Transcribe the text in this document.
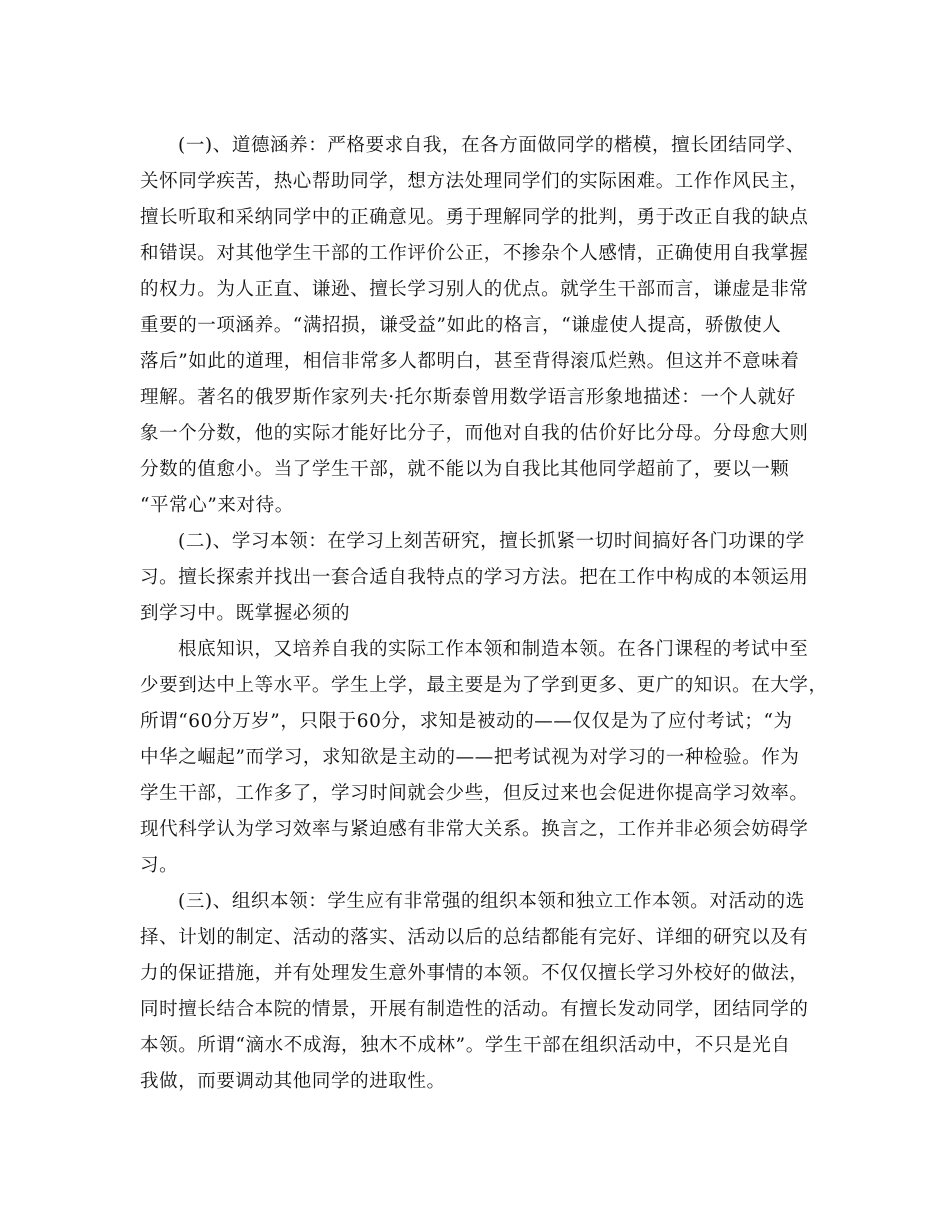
(一)、道德涵养：严格要求自我，在各方面做同学的楷模，擅长团结同学、
关怀同学疾苦，热心帮助同学，想方法处理同学们的实际困难。工作作风民主，
擅长听取和采纳同学中的正确意见。勇于理解同学的批判，勇于改正自我的缺点
和错误。对其他学生干部的工作评价公正，不掺杂个人感情，正确使用自我掌握
的权力。为人正直、谦逊、擅长学习别人的优点。就学生干部而言，谦虚是非常
重要的一项涵养。“满招损，谦受益”如此的格言，“谦虚使人提高，骄傲使人
落后”如此的道理，相信非常多人都明白，甚至背得滚瓜烂熟。但这并不意味着
理解。著名的俄罗斯作家列夫·托尔斯泰曾用数学语言形象地描述：一个人就好
象一个分数，他的实际才能好比分子，而他对自我的估价好比分母。分母愈大则
分数的值愈小。当了学生干部，就不能以为自我比其他同学超前了，要以一颗
“平常心”来对待。
(二)、学习本领：在学习上刻苦研究，擅长抓紧一切时间搞好各门功课的学
习。擅长探索并找出一套合适自我特点的学习方法。把在工作中构成的本领运用
到学习中。既掌握必须的
根底知识，又培养自我的实际工作本领和制造本领。在各门课程的考试中至
少要到达中上等水平。学生上学，最主要是为了学到更多、更广的知识。在大学，
所谓“60分万岁”，只限于60分，求知是被动的——仅仅是为了应付考试；“为
中华之崛起”而学习，求知欲是主动的——把考试视为对学习的一种检验。作为
学生干部，工作多了，学习时间就会少些，但反过来也会促进你提高学习效率。
现代科学认为学习效率与紧迫感有非常大关系。换言之，工作并非必须会妨碍学
习。
(三)、组织本领：学生应有非常强的组织本领和独立工作本领。对活动的选
择、计划的制定、活动的落实、活动以后的总结都能有完好、详细的研究以及有
力的保证措施，并有处理发生意外事情的本领。不仅仅擅长学习外校好的做法，
同时擅长结合本院的情景，开展有制造性的活动。有擅长发动同学，团结同学的
本领。所谓“滴水不成海，独木不成林”。学生干部在组织活动中，不只是光自
我做，而要调动其他同学的进取性。
